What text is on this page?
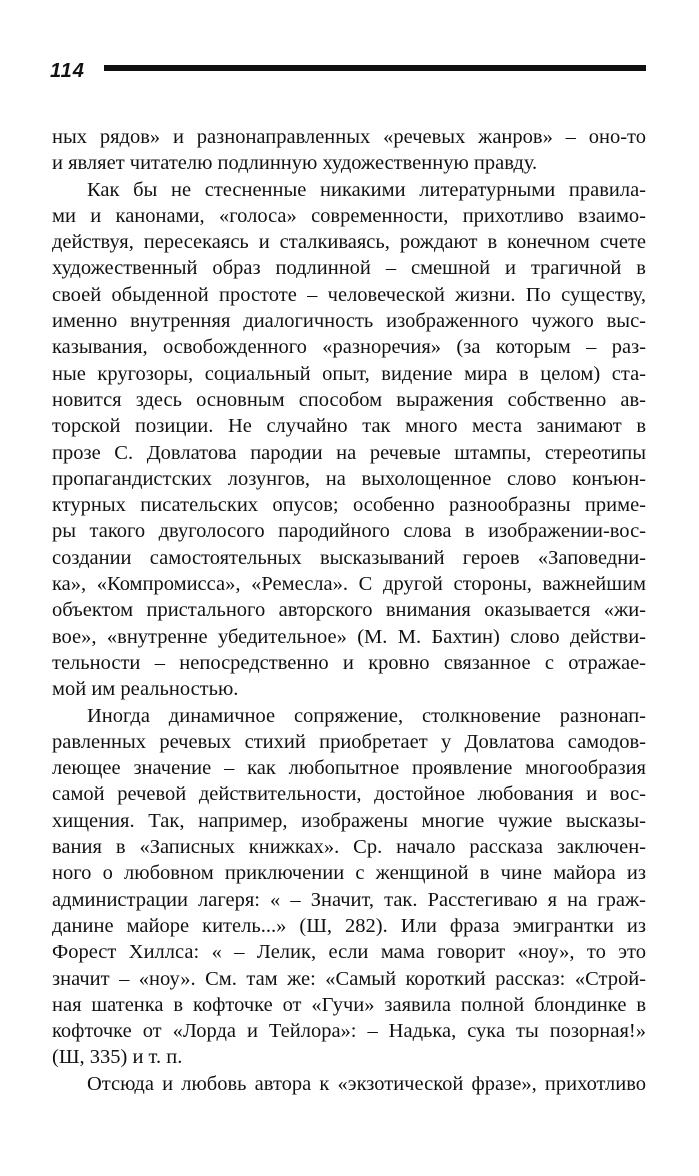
114
ных рядов» и разнонаправленных «речевых жанров» – оно-то
и являет читателю подлинную художественную правду.
Как бы не стесненные никакими литературными правила-
ми и канонами, «голоса» современности, прихотливо взаимо-
действуя, пересекаясь и сталкиваясь, рождают в конечном счете
художественный образ подлинной – смешной и трагичной в
своей обыденной простоте – человеческой жизни. По существу,
именно внутренняя диалогичность изображенного чужого выс-
казывания, освобожденного «разноречия» (за которым – раз-
ные кругозоры, социальный опыт, видение мира в целом) ста-
новится здесь основным способом выражения собственно ав-
торской позиции. Не случайно так много места занимают в
прозе С. Довлатова пародии на речевые штампы, стереотипы
пропагандистских лозунгов, на выхолощенное слово конъюн-
ктурных писательских опусов; особенно разнообразны приме-
ры такого двуголосого пародийного слова в изображении-вос-
создании самостоятельных высказываний героев «Заповедни-
ка», «Компромисса», «Ремесла». С другой стороны, важнейшим
объектом пристального авторского внимания оказывается «жи-
вое», «внутренне убедительное» (М. М. Бахтин) слово действи-
тельности – непосредственно и кровно связанное с отражае-
мой им реальностью.
Иногда динамичное сопряжение, столкновение разнонап-
равленных речевых стихий приобретает у Довлатова самодов-
леющее значение – как любопытное проявление многообразия
самой речевой действительности, достойное любования и вос-
хищения. Так, например, изображены многие чужие высказы-
вания в «Записных книжках». Ср. начало рассказа заключен-
ного о любовном приключении с женщиной в чине майора из
администрации лагеря: « – Значит, так. Расстегиваю я на граж-
данине майоре китель...» (Ш, 282). Или фраза эмигрантки из
Форест Хиллса: « – Лелик, если мама говорит «ноу», то это
значит – «ноу». См. там же: «Самый короткий рассказ: «Строй-
ная шатенка в кофточке от «Гучи» заявила полной блондинке в
кофточке от «Лорда и Тейлора»: – Надька, сука ты позорная!»
(Ш, 335) и т. п.
Отсюда и любовь автора к «экзотической фразе», прихотливо
